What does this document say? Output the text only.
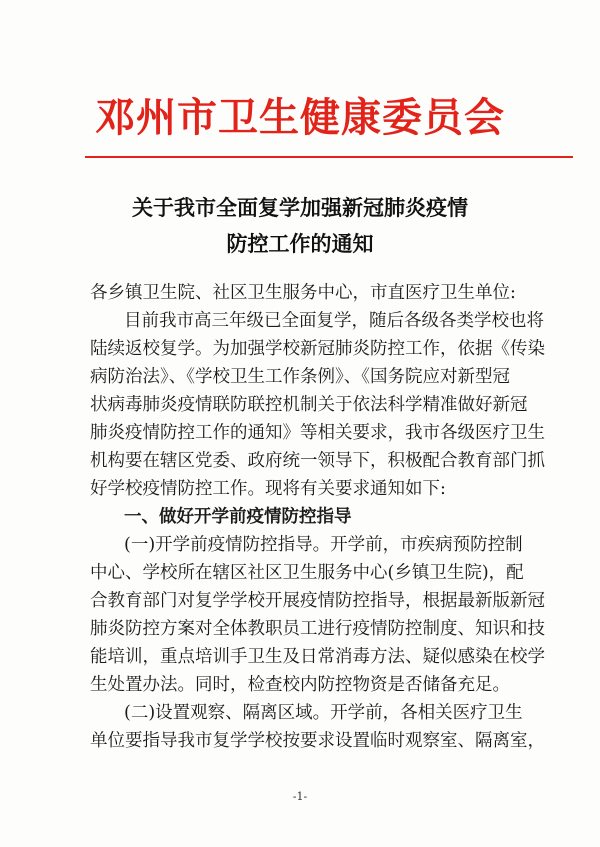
邓州市卫生健康委员会
关于我市全面复学加强新冠肺炎疫情
防控工作的通知
各乡镇卫生院、社区卫生服务中心，市直医疗卫生单位:
目前我市高三年级已全面复学，随后各级各类学校也将
陆续返校复学。为加强学校新冠肺炎防控工作，依据《传染
病防治法》、《学校卫生工作条例》、《国务院应对新型冠
状病毒肺炎疫情联防联控机制关于依法科学精准做好新冠
肺炎疫情防控工作的通知》等相关要求，我市各级医疗卫生
机构要在辖区党委、政府统一领导下，积极配合教育部门抓
好学校疫情防控工作。现将有关要求通知如下:
一、做好开学前疫情防控指导
(一)开学前疫情防控指导。开学前，市疾病预防控制
中心、学校所在辖区社区卫生服务中心(乡镇卫生院)，配
合教育部门对复学学校开展疫情防控指导，根据最新版新冠
肺炎防控方案对全体教职员工进行疫情防控制度、知识和技
能培训，重点培训手卫生及日常消毒方法、疑似感染在校学
生处置办法。同时，检查校内防控物资是否储备充足。
(二)设置观察、隔离区域。开学前，各相关医疗卫生
单位要指导我市复学学校按要求设置临时观察室、隔离室，
-1-
